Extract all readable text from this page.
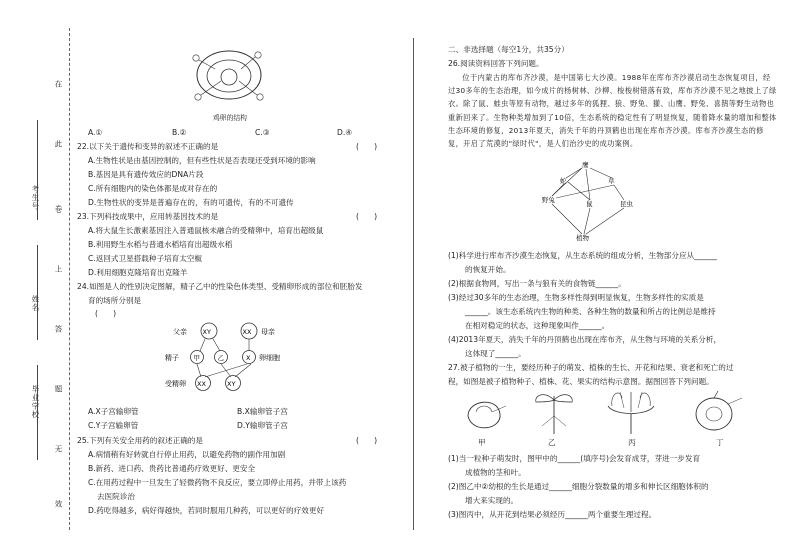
在
此
卷
上
答
题
无
效
考生号
姓名
毕业学校
鸡卵的结构
A.①	B.②	C.③	D.④
22.以下关于遗传和变异的叙述不正确的是	(　　)
A.生物性状是由基因控制的，但有些性状是否表现还受到环境的影响
B.基因是具有遗传效应的DNA片段
C.所有细胞内的染色体都是成对存在的
D.生物性状的变异是普遍存在的，有的可遗传，有的不可遗传
23.下列科技成果中，应用转基因技术的是	(　　)
A.将大鼠生长激素基因注入普通鼠核未融合的受精卵中，培育出超级鼠
B.利用野生水稻与普通水稻培育出超级水稻
C.返回式卫星搭载种子培育太空椒
D.利用细胞克隆培育出克隆羊
24.如图是人的性别决定图解，精子乙中的性染色体类型、受精卵形成的部位和胚胎发
育的场所分别是
(　　)
父亲 XY	XX 母亲
精子 甲	乙	X 卵细胞
受精卵 XX	XY
A.X子宫输卵管	B.X输卵管子宫
C.Y子宫输卵管	D.Y输卵管子宫
25.下列有关安全用药的叙述正确的是	(　　)
A.病情稍有好转就自行停止用药，以避免药物的副作用加剧
B.新药、进口药、贵药比普通药疗效更好、更安全
C.在用药过程中一旦发生了轻微药物不良反应，要立即停止用药，并带上该药
去医院诊治
D.药吃得越多，病好得越快，若同时服用几种药，可以更好的疗效更好
二、非选择题（每空1分，共35分）
26.阅读资料回答下列问题。
位于内蒙古的库布齐沙漠，是中国第七大沙漠。1988年在库布齐沙漠启动生态恢复项目，经过30多年的生态治理，如今成片的杨树林、沙柳、梭梭树错落有致，库布齐沙漠不见之地披上了绿衣。除了鼠、蛙虫等原有动物，越过多年的狐狸、狼、野兔、獾、山鹰、野兔、喜鹊等野生动物也重新回来了。生物种类增加到了10倍，生态系统的稳定性有了明显恢复，随着降水量的增加和整体生态环境的修复，2013年夏天，消失千年的丹顶鹤也出现在库布齐沙漠。库布齐沙漠生态的修复，开启了荒漠的"绿时代"，是人们治沙史的成功案例。
鹰
蛇	草
野兔	鼠	昆虫
植物
(1)科学进行库布齐沙漠生态恢复，从生态系统的组成分析，生物部分应从______
的恢复开始。
(2)根据食物网，写出一条与狼有关的食物链______。
(3)经过30多年的生态治理，生物多样性得到明显恢复，生物多样性的实质是
______。该生态系统内生物的种类、各种生物的数量和所占的比例总是维持
在相对稳定的状态，这种现象叫作______。
(4)2013年夏天，消失千年的丹顶鹤也出现在库布齐，从生物与环境的关系分析，
这体现了______。
27.被子植物的一生，要经历种子的萌发、植株的生长、开花和结果、衰老和死亡的过
程，如图是被子植物种子、植株、花、果实的结构示意图。据图回答下列问题。
甲	乙	丙	丁
(1)当一粒种子萌发时，图甲中的______(填序号)会发育成芽，芽进一步发育
成植物的茎和叶。
(2)图乙中②幼根的生长是通过______细胞分裂数量的增多和伸长区细胞体积的
增大来实现的。
(3)图丙中，从开花到结果必须经历______两个重要生理过程。
